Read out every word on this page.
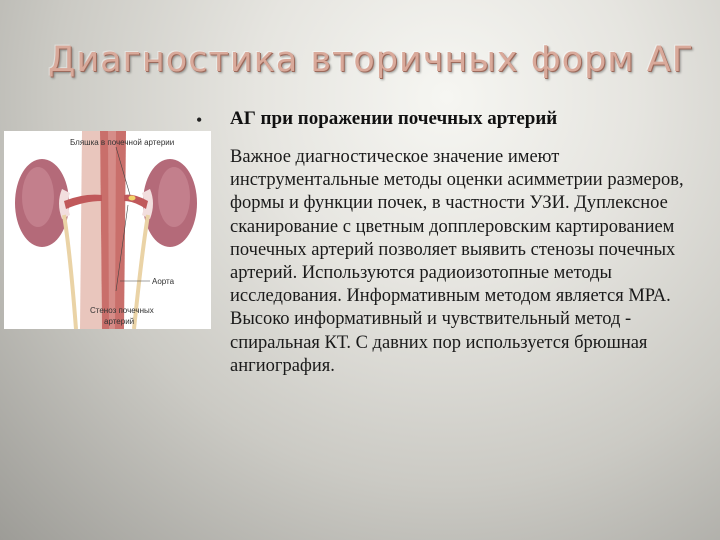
Диагностика вторичных форм АГ
Бляшка в почечной артерии
Аорта
Стеноз почечных
артерий
• АГ при поражении почечных артерий
Важное диагностическое значение имеют инструментальные методы оценки асимметрии размеров, формы и функции почек, в частности УЗИ. Дуплексное сканирование с цветным допплеровским картированием почечных артерий позволяет выявить стенозы почечных артерий. Используются радиоизотопные методы исследования. Информативным методом является МРА. Высоко информативный и чувствительный метод - спиральная КТ. С давних пор используется брюшная ангиография.
